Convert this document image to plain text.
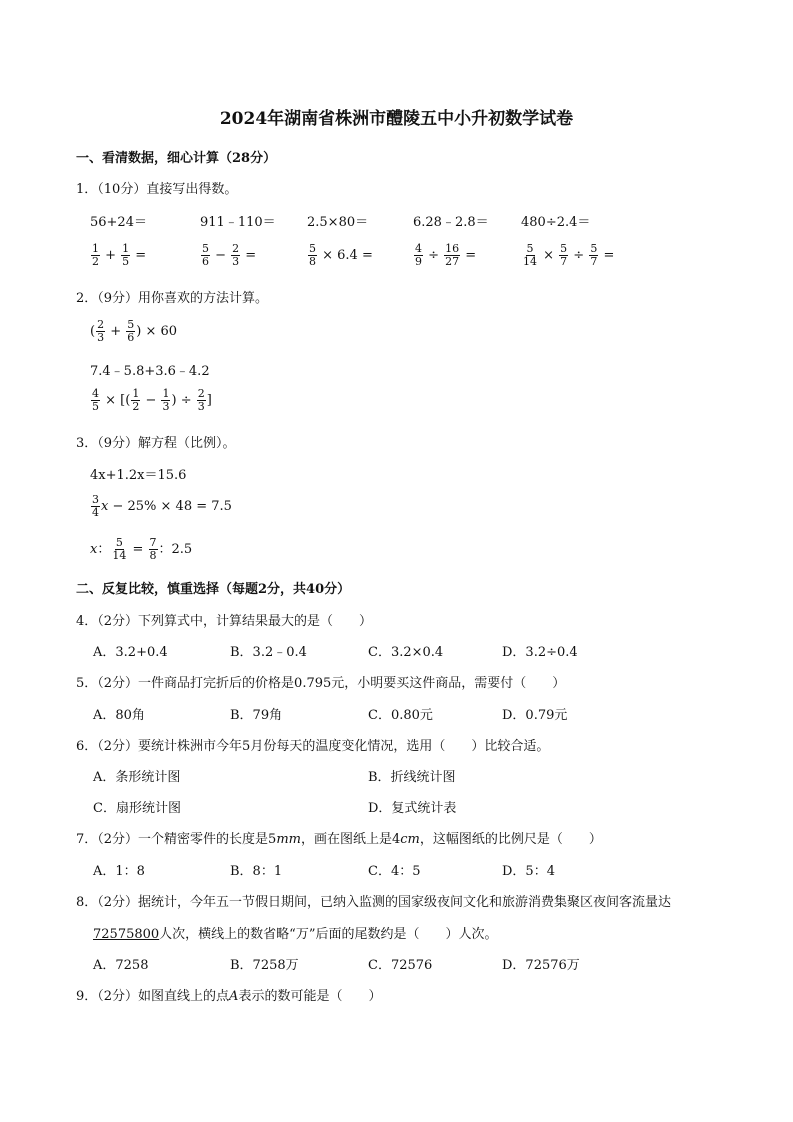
2024年湖南省株洲市醴陵五中小升初数学试卷
一、看清数据，细心计算（28分）
1．（10分）直接写出得数。
56+24＝	911﹣110＝ 2.5×80＝	6.28﹣2.8＝ 480÷2.4＝
$\frac{1}{2} + \frac{1}{5}$ =	$\frac{5}{6} - \frac{2}{3}$ =	$\frac{5}{8} \times 6.4$ =	$\frac{4}{9} \div \frac{16}{27}$ =	$\frac{5}{14} \times \frac{5}{7} \div \frac{5}{7}$ =
2．（9分）用你喜欢的方法计算。
( $\frac{2}{3} + \frac{5}{6}$ ) × 60
7.4﹣5.8+3.6﹣4.2
$\frac{4}{5}$ × [( $\frac{1}{2} - \frac{1}{3}$ ) ÷ $\frac{2}{3}$ ]
3．（9分）解方程（比例）。
4x+1.2x＝15.6
$\frac{3}{4}$ x − 25% × 48 = 7.5
x： $\frac{5}{14} = \frac{7}{8}$ ：2.5
二、反复比较，慎重选择（每题2分，共40分）
4．（2分）下列算式中，计算结果最大的是（　　）
A．3.2+0.4	B．3.2﹣0.4	C．3.2×0.4	D．3.2÷0.4
5．（2分）一件商品打完折后的价格是0.795元，小明要买这件商品，需要付（　　）
A．80角	B．79角	C．0.80元	D．0.79元
6．（2分）要统计株洲市今年5月份每天的温度变化情况，选用（　　）比较合适。
A．条形统计图	B．折线统计图
C．扇形统计图	D．复式统计表
7．（2分）一个精密零件的长度是5mm，画在图纸上是4cm，这幅图纸的比例尺是（　　）
A．1：8	B．8：1	C．4：5	D．5：4
8．（2分）据统计，今年五一节假日期间，已纳入监测的国家级夜间文化和旅游消费集聚区夜间客流量达
72575800人次，横线上的数省略“万”后面的尾数约是（　　）人次。
A．7258	B．7258万	C．72576	D．72576万
9．（2分）如图直线上的点A表示的数可能是（　　）
